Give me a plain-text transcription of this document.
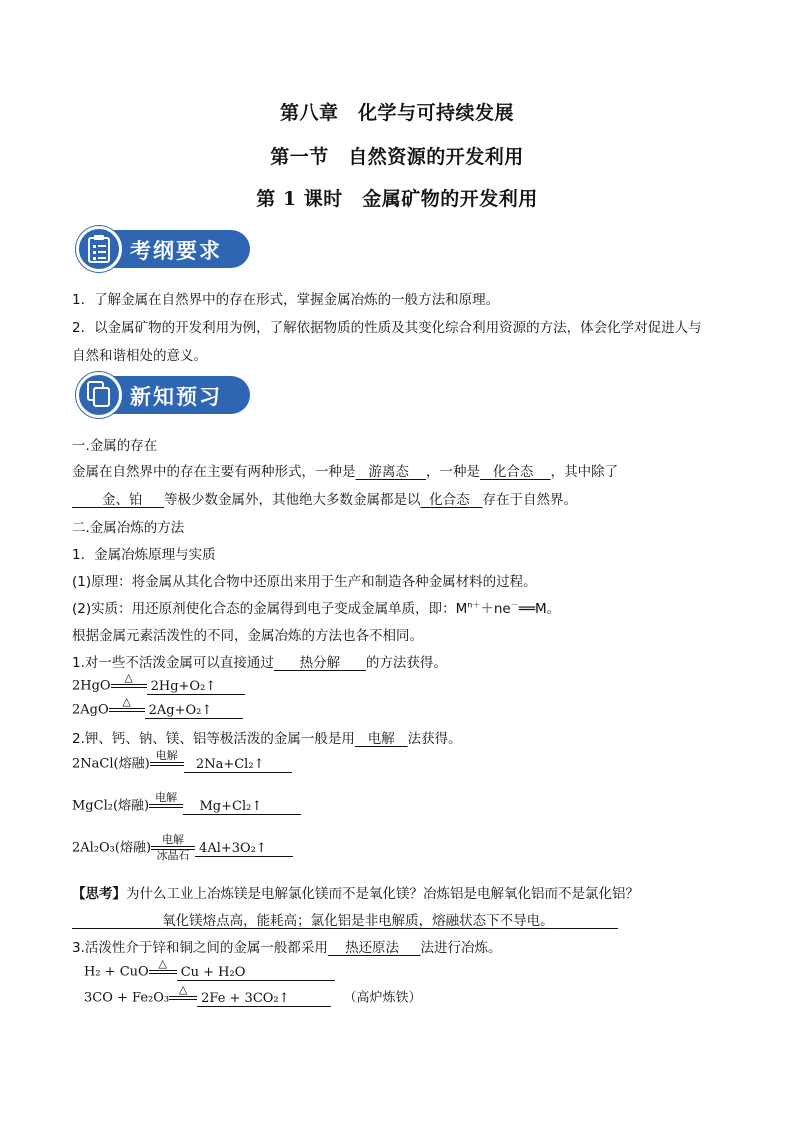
第八章　化学与可持续发展
第一节　自然资源的开发利用
第 1 课时　金属矿物的开发利用
考纲要求
1．了解金属在自然界中的存在形式，掌握金属冶炼的一般方法和原理。
2．以金属矿物的开发利用为例，了解依据物质的性质及其变化综合利用资源的方法，体会化学对促进人与
自然和谐相处的意义。
新知预习
一.金属的存在
金属在自然界中的存在主要有两种形式，一种是 游离态 ，一种是 化合态 ，其中除了
金、铂 等极少数金属外，其他绝大多数金属都是以 化合态 存在于自然界。
二.金属冶炼的方法
1．金属冶炼原理与实质
(1)原理：将金属从其化合物中还原出来用于生产和制造各种金属材料的过程。
(2)实质：用还原剂使化合态的金属得到电子变成金属单质，即：$M^{n+}+ne^-══M$。
根据金属元素活泼性的不同，金属冶炼的方法也各不相同。
1.对一些不活泼金属可以直接通过 热分解 的方法获得。
2HgO
△

2Hg+O₂↑
2AgO
△

2Ag+O₂↑
2.钾、钙、钠、镁、铝等极活泼的金属一般是用 电解 法获得。
2NaCl(熔融)
电解

2Na+Cl₂↑
MgCl₂(熔融)
电解

Mg+Cl₂↑
2Al₂O₃(熔融)
电解
冰晶石 4Al+3O₂↑
【思考】为什么工业上冶炼镁是电解氯化镁而不是氧化镁？冶炼铝是电解氧化铝而不是氯化铝？
氧化镁熔点高，能耗高；氯化铝是非电解质，熔融状态下不导电。
3.活泼性介于锌和铜之间的金属一般都采用 热还原法 法进行冶炼。
H₂ + CuO
△

Cu + H₂O
3CO + Fe₂O₃
△

2Fe + 3CO₂↑	（高炉炼铁）
